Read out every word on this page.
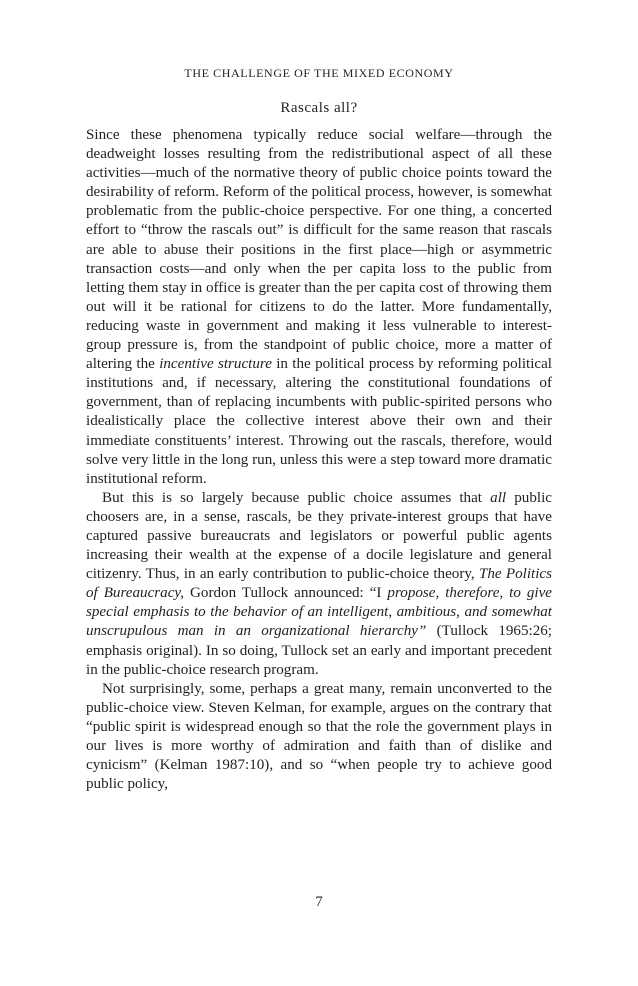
THE CHALLENGE OF THE MIXED ECONOMY
Rascals all?

Since these phenomena typically reduce social welfare—through the deadweight losses resulting from the redistributional aspect of all these activities—much of the normative theory of public choice points toward the desirability of reform. Reform of the political process, however, is somewhat problematic from the public-choice perspective. For one thing, a concerted effort to “throw the rascals out” is difficult for the same reason that rascals are able to abuse their positions in the first place—high or asymmetric transaction costs—and only when the per capita loss to the public from letting them stay in office is greater than the per capita cost of throwing them out will it be rational for citizens to do the latter. More fundamentally, reducing waste in government and making it less vulnerable to interest-group pressure is, from the standpoint of public choice, more a matter of altering the incentive structure in the political process by reforming political institutions and, if necessary, altering the constitutional foundations of government, than of replacing incumbents with public-spirited persons who idealistically place the collective interest above their own and their immediate constituents’ interest. Throwing out the rascals, therefore, would solve very little in the long run, unless this were a step toward more dramatic institutional reform.

But this is so largely because public choice assumes that all public choosers are, in a sense, rascals, be they private-interest groups that have captured passive bureaucrats and legislators or powerful public agents increasing their wealth at the expense of a docile legislature and general citizenry. Thus, in an early contribution to public-choice theory, The Politics of Bureaucracy, Gordon Tullock announced: “I propose, therefore, to give special emphasis to the behavior of an intelligent, ambitious, and somewhat unscrupulous man in an organizational hierarchy” (Tullock 1965:26; emphasis original). In so doing, Tullock set an early and important precedent in the public-choice research program.

Not surprisingly, some, perhaps a great many, remain unconverted to the public-choice view. Steven Kelman, for example, argues on the contrary that “public spirit is widespread enough so that the role the government plays in our lives is more worthy of admiration and faith than of dislike and cynicism” (Kelman 1987:10), and so “when people try to achieve good public policy,

7
